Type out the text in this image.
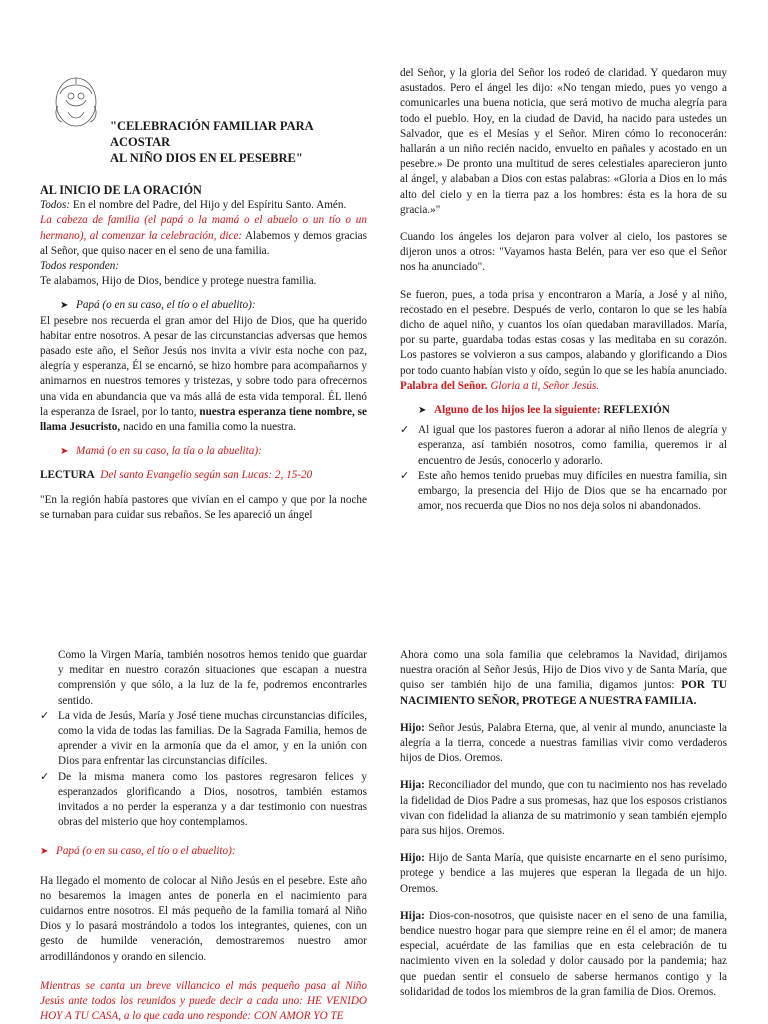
"CELEBRACIÓN FAMILIAR PARA ACOSTAR
AL NIÑO DIOS EN EL PESEBRE"
AL INICIO DE LA ORACIÓN

Todos: En el nombre del Padre, del Hijo y del Espíritu Santo. Amén.

La cabeza de familia (el papá o la mamá o el abuelo o un tío o un hermano), al comenzar la celebración, dice: Alabemos y demos gracias al Señor, que quiso nacer en el seno de una familia.

Todos responden:

Te alabamos, Hijo de Dios, bendice y protege nuestra familia.

➤ Papá (o en su caso, el tío o el abuelito):

El pesebre nos recuerda el gran amor del Hijo de Dios, que ha querido habitar entre nosotros. A pesar de las circunstancias adversas que hemos pasado este año, el Señor Jesús nos invita a vivir esta noche con paz, alegría y esperanza, Él se encarnó, se hizo hombre para acompañarnos y animarnos en nuestros temores y tristezas, y sobre todo para ofrecernos una vida en abundancia que va más allá de esta vida temporal. ÉL llenó la esperanza de Israel, por lo tanto, nuestra esperanza tiene nombre, se llama Jesucristo, nacido en una familia como la nuestra.

➤ Mamá (o en su caso, la tía o la abuelita):

LECTURA Del santo Evangelio según san Lucas: 2, 15-20

"En la región había pastores que vivían en el campo y que por la noche se turnaban para cuidar sus rebaños. Se les apareció un ángel

del Señor, y la gloria del Señor los rodeó de claridad. Y quedaron muy asustados. Pero el ángel les dijo: «No tengan miedo, pues yo vengo a comunicarles una buena noticia, que será motivo de mucha alegría para todo el pueblo. Hoy, en la ciudad de David, ha nacido para ustedes un Salvador, que es el Mesías y el Señor. Miren cómo lo reconocerán: hallarán a un niño recién nacido, envuelto en pañales y acostado en un pesebre.» De pronto una multitud de seres celestiales aparecieron junto al ángel, y alababan a Dios con estas palabras: «Gloria a Dios en lo más alto del cielo y en la tierra paz a los hombres: ésta es la hora de su gracia.»"

Cuando los ángeles los dejaron para volver al cielo, los pastores se dijeron unos a otros: "Vayamos hasta Belén, para ver eso que el Señor nos ha anunciado".

Se fueron, pues, a toda prisa y encontraron a María, a José y al niño, recostado en el pesebre. Después de verlo, contaron lo que se les había dicho de aquel niño, y cuantos los oían quedaban maravillados. María, por su parte, guardaba todas estas cosas y las meditaba en su corazón. Los pastores se volvieron a sus campos, alabando y glorificando a Dios por todo cuanto habían visto y oído, según lo que se les había anunciado. Palabra del Señor. Gloria a ti, Señor Jesús.

➤ Alguno de los hijos lee la siguiente: REFLEXIÓN
✓ Al igual que los pastores fueron a adorar al niño llenos de alegría y esperanza, así también nosotros, como familia, queremos ir al encuentro de Jesús, conocerlo y adorarlo.
✓ Este año hemos tenido pruebas muy difíciles en nuestra familia, sin embargo, la presencia del Hijo de Dios que se ha encarnado por amor, nos recuerda que Dios no nos deja solos ni abandonados.

Como la Virgen María, también nosotros hemos tenido que guardar y meditar en nuestro corazón situaciones que escapan a nuestra comprensión y que sólo, a la luz de la fe, podremos encontrarles sentido.

✓ La vida de Jesús, María y José tiene muchas circunstancias difíciles, como la vida de todas las familias. De la Sagrada Familia, hemos de aprender a vivir en la armonía que da el amor, y en la unión con Dios para enfrentar las circunstancias difíciles.
✓ De la misma manera como los pastores regresaron felices y esperanzados glorificando a Dios, nosotros, también estamos invitados a no perder la esperanza y a dar testimonio con nuestras obras del misterio que hoy contemplamos.
➤ Papá (o en su caso, el tío o el abuelito):

Ha llegado el momento de colocar al Niño Jesús en el pesebre. Este año no besaremos la imagen antes de ponerla en el nacimiento para cuidarnos entre nosotros. El más pequeño de la familia tomará al Niño Dios y lo pasará mostrándolo a todos los integrantes, quienes, con un gesto de humilde veneración, demostraremos nuestro amor arrodillándonos y orando en silencio.

Mientras se canta un breve villancico el más pequeño pasa al Niño Jesús ante todos los reunidos y puede decir a cada uno: HE VENIDO HOY A TU CASA, a lo que cada uno responde: CON AMOR YO TE

Ahora como una sola familia que celebramos la Navidad, dirijamos nuestra oración al Señor Jesús, Hijo de Dios vivo y de Santa María, que quiso ser también hijo de una familia, digamos juntos: POR TU NACIMIENTO SEÑOR, PROTEGE A NUESTRA FAMILIA.

Hijo: Señor Jesús, Palabra Eterna, que, al venir al mundo, anunciaste la alegría a la tierra, concede a nuestras familias vivir como verdaderos hijos de Dios. Oremos.

Hija: Reconciliador del mundo, que con tu nacimiento nos has revelado la fidelidad de Dios Padre a sus promesas, haz que los esposos cristianos vivan con fidelidad la alianza de su matrimonio y sean también ejemplo para sus hijos. Oremos.

Hijo: Hijo de Santa María, que quisiste encarnarte en el seno purísimo, protege y bendice a las mujeres que esperan la llegada de un hijo. Oremos.

Hija: Dios-con-nosotros, que quisiste nacer en el seno de una familia, bendice nuestro hogar para que siempre reine en él el amor; de manera especial, acuérdate de las familias que en esta celebración de tu nacimiento viven en la soledad y dolor causado por la pandemia; haz que puedan sentir el consuelo de saberse hermanos contigo y la solidaridad de todos los miembros de la gran familia de Dios. Oremos.
